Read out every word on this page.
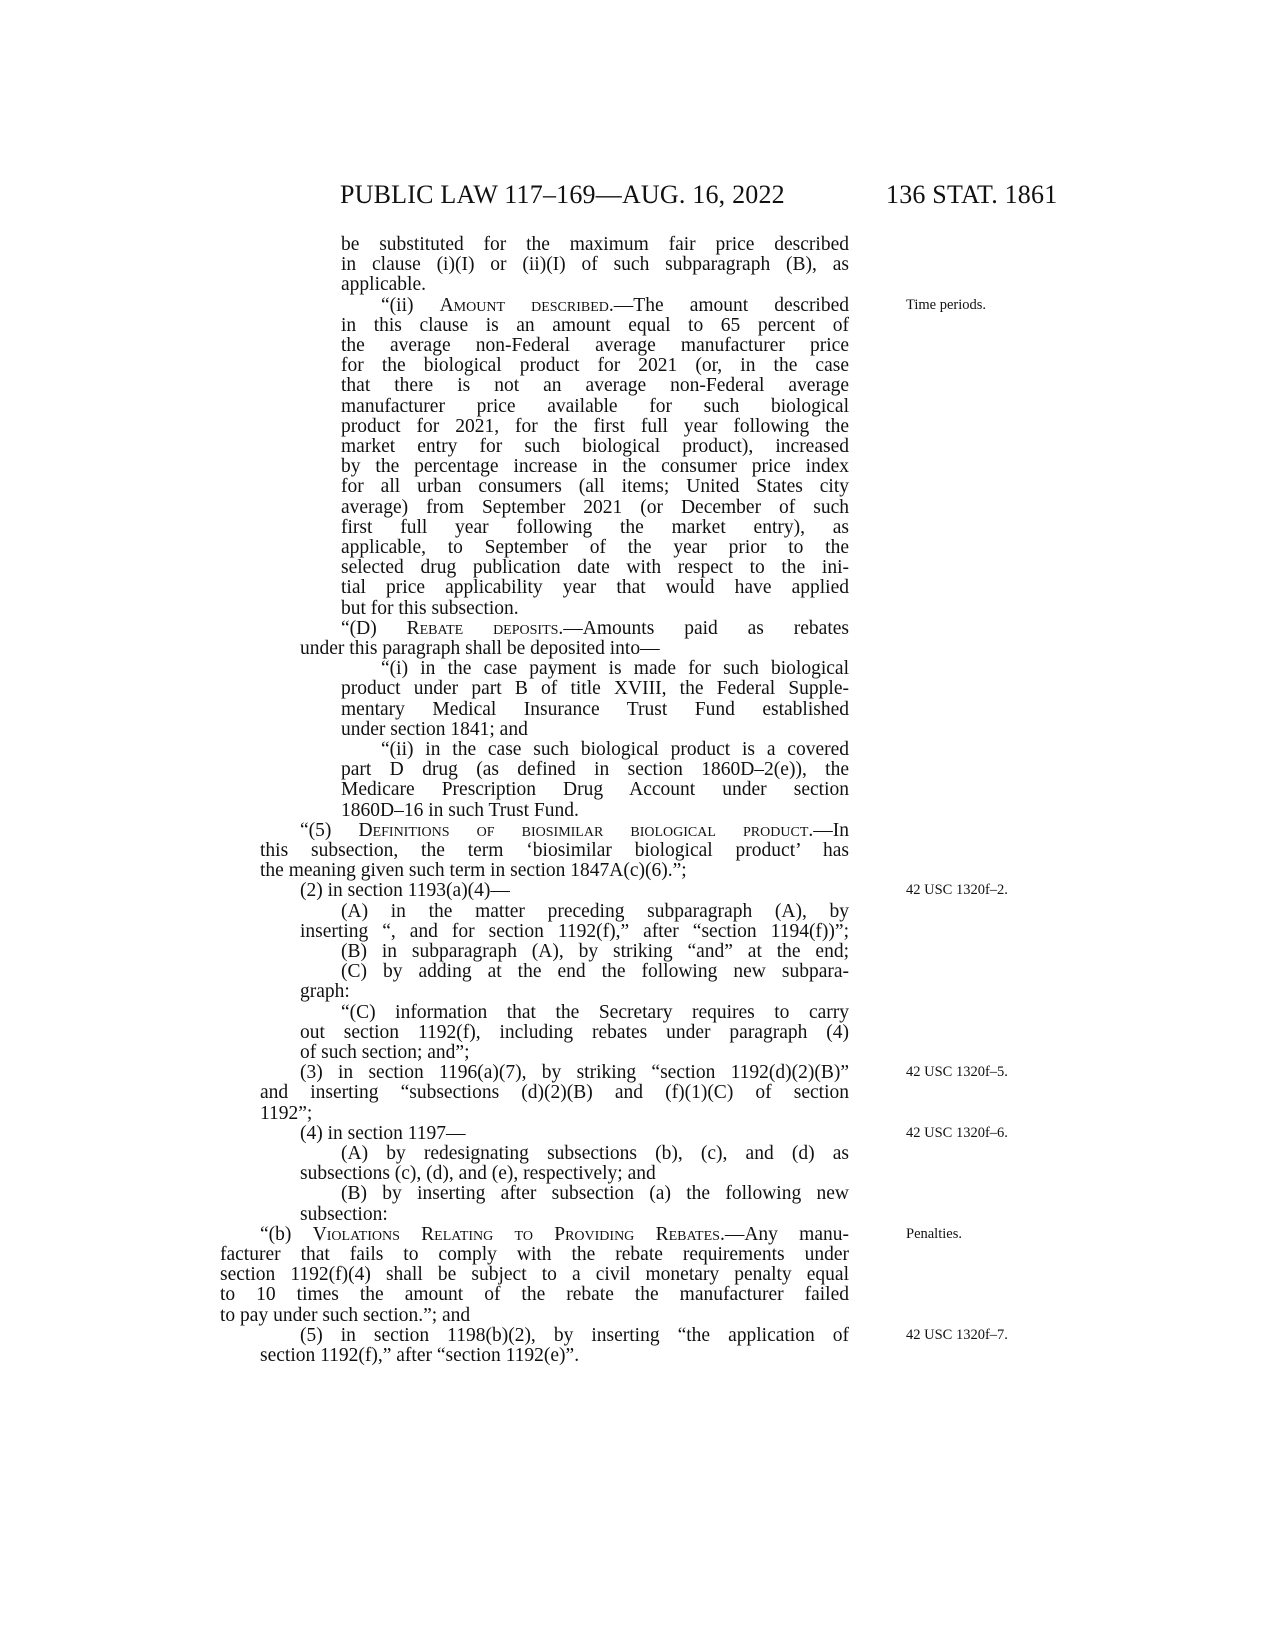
PUBLIC LAW 117–169—AUG. 16, 2022	136 STAT. 1861
be substituted for the maximum fair price described
in clause (i)(I) or (ii)(I) of such subparagraph (B), as
applicable.
“(ii) Amount described.—The amount described
in this clause is an amount equal to 65 percent of
the average non-Federal average manufacturer price
for the biological product for 2021 (or, in the case
that there is not an average non-Federal average
manufacturer price available for such biological
product for 2021, for the first full year following the
market entry for such biological product), increased
by the percentage increase in the consumer price index
for all urban consumers (all items; United States city
average) from September 2021 (or December of such
first full year following the market entry), as
applicable, to September of the year prior to the
selected drug publication date with respect to the ini-
tial price applicability year that would have applied
but for this subsection.
“(D) Rebate deposits.—Amounts paid as rebates
under this paragraph shall be deposited into—
“(i) in the case payment is made for such biological
product under part B of title XVIII, the Federal Supple-
mentary Medical Insurance Trust Fund established
under section 1841; and
“(ii) in the case such biological product is a covered
part D drug (as defined in section 1860D–2(e)), the
Medicare Prescription Drug Account under section
1860D–16 in such Trust Fund.
“(5) Definitions of biosimilar biological product.—In
this subsection, the term ‘biosimilar biological product’ has
the meaning given such term in section 1847A(c)(6).”;
(2) in section 1193(a)(4)—
(A) in the matter preceding subparagraph (A), by
inserting “, and for section 1192(f),” after “section 1194(f))”;
(B) in subparagraph (A), by striking “and” at the end;
(C) by adding at the end the following new subpara-
graph:
“(C) information that the Secretary requires to carry
out section 1192(f), including rebates under paragraph (4)
of such section; and”;
(3) in section 1196(a)(7), by striking “section 1192(d)(2)(B)”
and inserting “subsections (d)(2)(B) and (f)(1)(C) of section
1192”;
(4) in section 1197—
(A) by redesignating subsections (b), (c), and (d) as
subsections (c), (d), and (e), respectively; and
(B) by inserting after subsection (a) the following new
subsection:
“(b) Violations Relating to Providing Rebates.—Any manu-
facturer that fails to comply with the rebate requirements under
section 1192(f)(4) shall be subject to a civil monetary penalty equal
to 10 times the amount of the rebate the manufacturer failed
to pay under such section.”; and
(5) in section 1198(b)(2), by inserting “the application of
section 1192(f),” after “section 1192(e)”.
Time periods.
42 USC 1320f–2.
42 USC 1320f–5.
42 USC 1320f–6.
Penalties.
42 USC 1320f–7.
